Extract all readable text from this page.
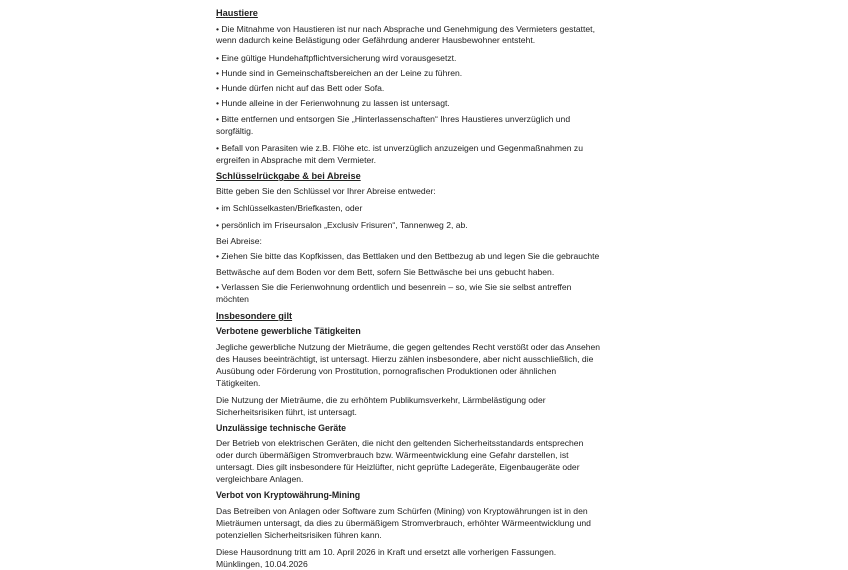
Haustiere
• Die Mitnahme von Haustieren ist nur nach Absprache und Genehmigung des Vermieters gestattet,
wenn dadurch keine Belästigung oder Gefährdung anderer Hausbewohner entsteht.
• Eine gültige Hundehaftpflichtversicherung wird vorausgesetzt.
• Hunde sind in Gemeinschaftsbereichen an der Leine zu führen.
• Hunde dürfen nicht auf das Bett oder Sofa.
• Hunde alleine in der Ferienwohnung zu lassen ist untersagt.
• Bitte entfernen und entsorgen Sie „Hinterlassenschaften“ Ihres Haustieres unverzüglich und
sorgfältig.
• Befall von Parasiten wie z.B. Flöhe etc. ist unverzüglich anzuzeigen und Gegenmaßnahmen zu
ergreifen in Absprache mit dem Vermieter.
Schlüsselrückgabe & bei Abreise
Bitte geben Sie den Schlüssel vor Ihrer Abreise entweder:
• im Schlüsselkasten/Briefkasten, oder
• persönlich im Friseursalon „Exclusiv Frisuren“, Tannenweg 2, ab.
Bei Abreise:
• Ziehen Sie bitte das Kopfkissen, das Bettlaken und den Bettbezug ab und legen Sie die gebrauchte
Bettwäsche auf dem Boden vor dem Bett, sofern Sie Bettwäsche bei uns gebucht haben.
• Verlassen Sie die Ferienwohnung ordentlich und besenrein – so, wie Sie sie selbst antreffen
möchten
Insbesondere gilt
Verbotene gewerbliche Tätigkeiten
Jegliche gewerbliche Nutzung der Mieträume, die gegen geltendes Recht verstößt oder das Ansehen
des Hauses beeinträchtigt, ist untersagt. Hierzu zählen insbesondere, aber nicht ausschließlich, die
Ausübung oder Förderung von Prostitution, pornografischen Produktionen oder ähnlichen
Tätigkeiten.
Die Nutzung der Mieträume, die zu erhöhtem Publikumsverkehr, Lärmbelästigung oder
Sicherheitsrisiken führt, ist untersagt.
Unzulässige technische Geräte
Der Betrieb von elektrischen Geräten, die nicht den geltenden Sicherheitsstandards entsprechen
oder durch übermäßigen Stromverbrauch bzw. Wärmeentwicklung eine Gefahr darstellen, ist
untersagt. Dies gilt insbesondere für Heizlüfter, nicht geprüfte Ladegeräte, Eigenbaugeräte oder
vergleichbare Anlagen.
Verbot von Kryptowährung-Mining
Das Betreiben von Anlagen oder Software zum Schürfen (Mining) von Kryptowährungen ist in den
Mieträumen untersagt, da dies zu übermäßigem Stromverbrauch, erhöhter Wärmeentwicklung und
potenziellen Sicherheitsrisiken führen kann.
Diese Hausordnung tritt am 10. April 2026 in Kraft und ersetzt alle vorherigen Fassungen.
Münklingen, 10.04.2026
